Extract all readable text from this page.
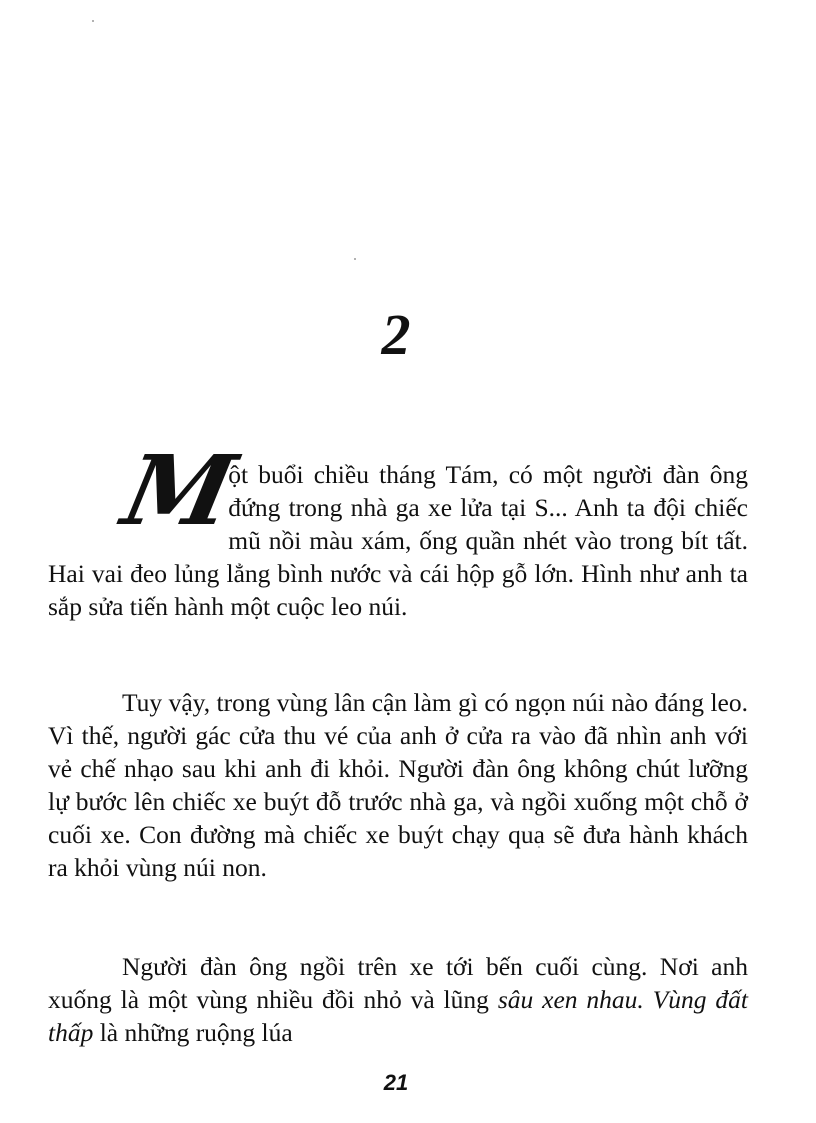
2

M
ột buổi chiều tháng Tám, có một người đàn ông đứng trong nhà ga xe lửa tại S... Anh ta đội chiếc mũ nồi màu xám, ống quần nhét vào trong bít tất. Hai vai đeo lủng lẳng bình nước và cái hộp gỗ lớn. Hình như anh ta sắp sửa tiến hành một cuộc leo núi.

Tuy vậy, trong vùng lân cận làm gì có ngọn núi nào đáng leo. Vì thế, người gác cửa thu vé của anh ở cửa ra vào đã nhìn anh với vẻ chế nhạo sau khi anh đi khỏi. Người đàn ông không chút lưỡng lự bước lên chiếc xe buýt đỗ trước nhà ga, và ngồi xuống một chỗ ở cuối xe. Con đường mà chiếc xe buýt chạy qua sẽ đưa hành khách ra khỏi vùng núi non.

Người đàn ông ngồi trên xe tới bến cuối cùng. Nơi anh xuống là một vùng nhiều đồi nhỏ và lũng sâu xen nhau. Vùng đất thấp là những ruộng lúa

21
